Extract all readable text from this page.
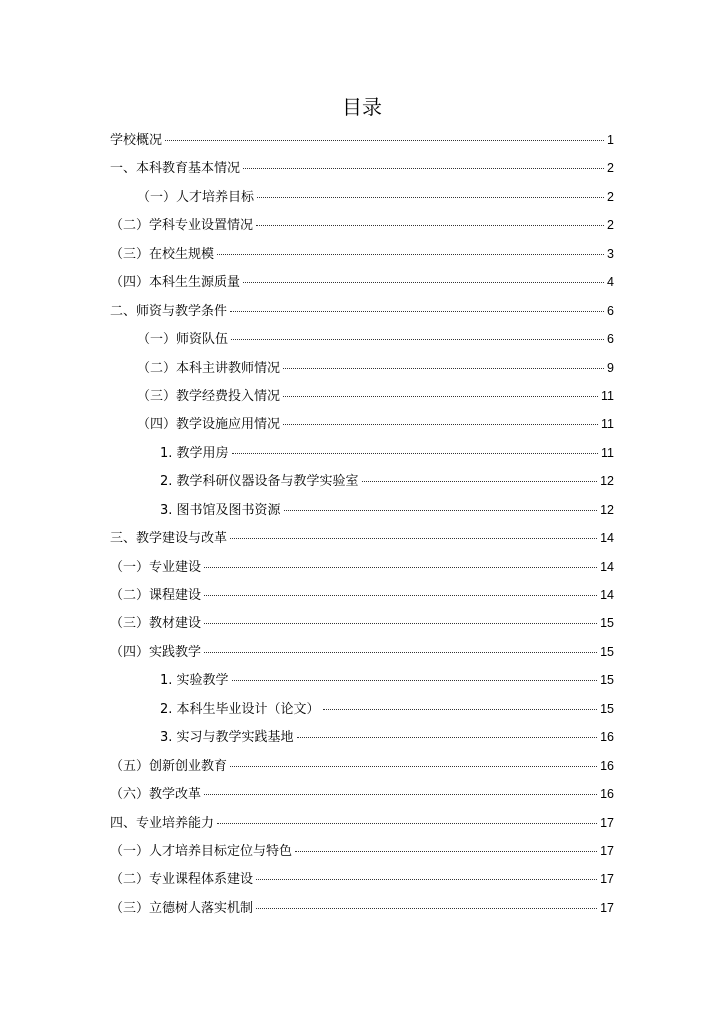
目录
学校概况	1
一、本科教育基本情况	2
（一）人才培养目标	2
（二）学科专业设置情况	2
（三）在校生规模	3
（四）本科生生源质量	4
二、师资与教学条件	6
（一）师资队伍	6
（二）本科主讲教师情况	9
（三）教学经费投入情况	11
（四）教学设施应用情况	11
1. 教学用房	11
2. 教学科研仪器设备与教学实验室	12
3. 图书馆及图书资源	12
三、教学建设与改革	14
（一）专业建设	14
（二）课程建设	14
（三）教材建设	15
（四）实践教学	15
1. 实验教学	15
2. 本科生毕业设计（论文）	15
3. 实习与教学实践基地	16
（五）创新创业教育	16
（六）教学改革	16
四、专业培养能力	17
（一）人才培养目标定位与特色	17
（二）专业课程体系建设	17
（三）立德树人落实机制	17
